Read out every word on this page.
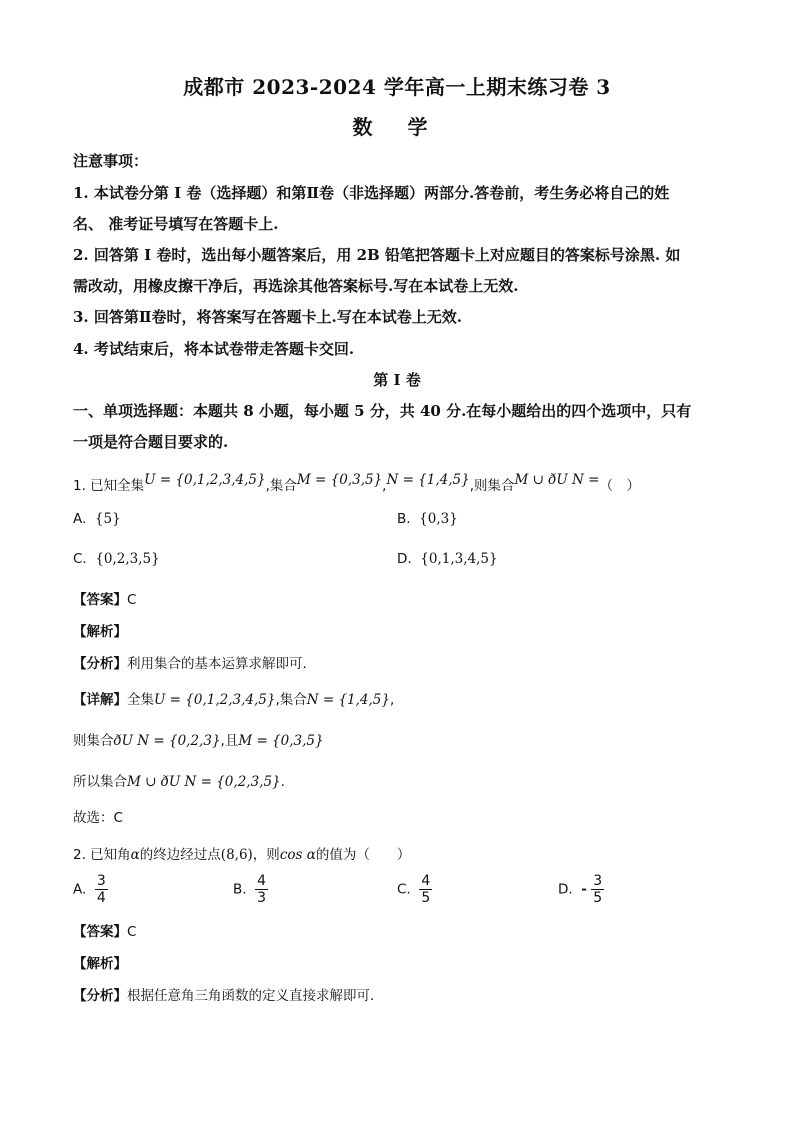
成都市 2023-2024 学年高一上期末练习卷 3
数 学
注意事项：
1. 本试卷分第 Ⅰ 卷（选择题）和第Ⅱ卷（非选择题）两部分.答卷前，考生务必将自己的姓
名、 准考证号填写在答题卡上.
2. 回答第 Ⅰ 卷时，选出每小题答案后，用 2B 铅笔把答题卡上对应题目的答案标号涂黑. 如
需改动，用橡皮擦干净后，再选涂其他答案标号.写在本试卷上无效.
3. 回答第Ⅱ卷时，将答案写在答题卡上.写在本试卷上无效.
4. 考试结束后，将本试卷带走答题卡交回.
第 Ⅰ 卷
一、单项选择题：本题共 8 小题，每小题 5 分，共 40 分.在每小题给出的四个选项中，只有
一项是符合题目要求的.
1. 已知全集U = {0,1,2,3,4,5},集合M = {0,3,5},N = {1,4,5},则集合M ∪ ðU N =（　）
A. {5}	B. {0,3}
C. {0,2,3,5}	D. {0,1,3,4,5}
【答案】C
【解析】
【分析】利用集合的基本运算求解即可.
【详解】全集U = {0,1,2,3,4,5},集合N = {1,4,5},
则集合ðU N = {0,2,3},且M = {0,3,5}
所以集合M ∪ ðU N = {0,2,3,5}.
故选：C
2. 已知角α的终边经过点(8,6)，则cos α的值为（　　）
A. $\frac{3}{4}$	B. $\frac{4}{3}$	C. $\frac{4}{5}$	D. - $\frac{3}{5}$
【答案】C
【解析】
【分析】根据任意角三角函数的定义直接求解即可.
